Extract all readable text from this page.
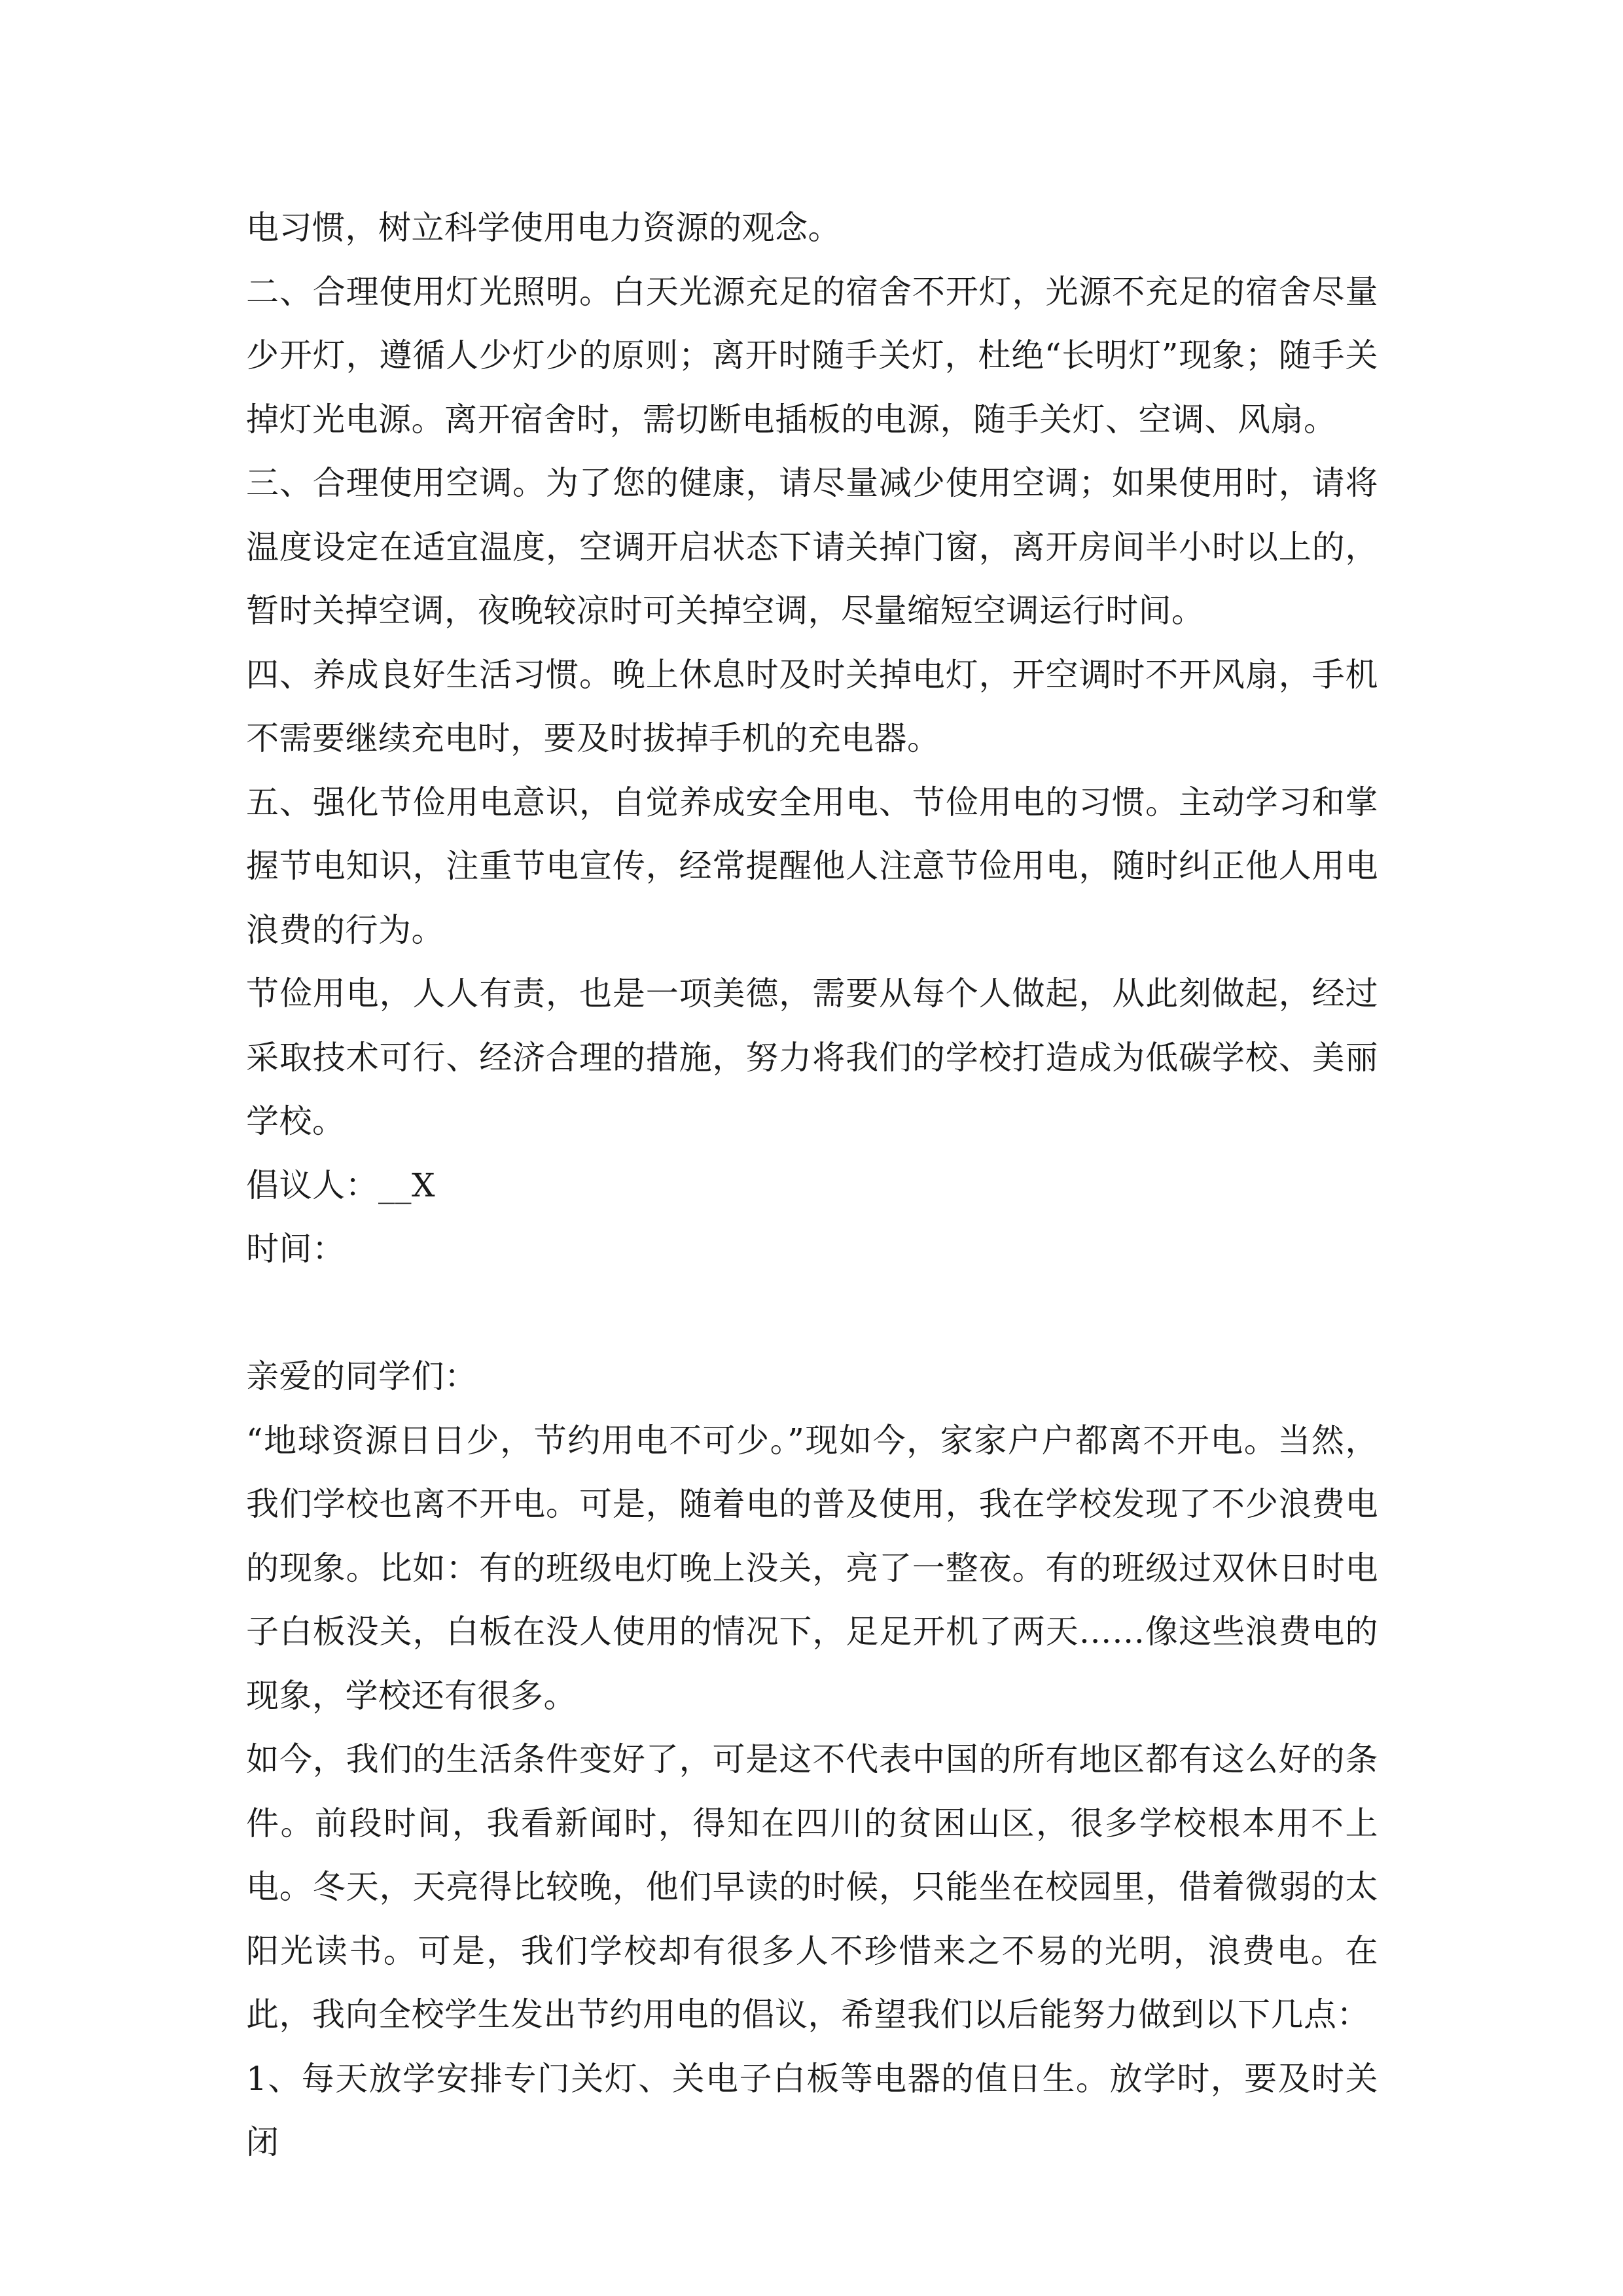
电习惯，树立科学使用电力资源的观念。

二、合理使用灯光照明。白天光源充足的宿舍不开灯，光源不充足的宿舍尽量少开灯，遵循人少灯少的原则；离开时随手关灯，杜绝“长明灯”现象；随手关掉灯光电源。离开宿舍时，需切断电插板的电源，随手关灯、空调、风扇。

三、合理使用空调。为了您的健康，请尽量减少使用空调；如果使用时，请将温度设定在适宜温度，空调开启状态下请关掉门窗，离开房间半小时以上的，暂时关掉空调，夜晚较凉时可关掉空调，尽量缩短空调运行时间。

四、养成良好生活习惯。晚上休息时及时关掉电灯，开空调时不开风扇，手机不需要继续充电时，要及时拔掉手机的充电器。

五、强化节俭用电意识，自觉养成安全用电、节俭用电的习惯。主动学习和掌握节电知识，注重节电宣传，经常提醒他人注意节俭用电，随时纠正他人用电浪费的行为。

节俭用电，人人有责，也是一项美德，需要从每个人做起，从此刻做起，经过采取技术可行、经济合理的措施，努力将我们的学校打造成为低碳学校、美丽学校。

倡议人：__X

时间：

亲爱的同学们：

“地球资源日日少，节约用电不可少。”现如今，家家户户都离不开电。当然，我们学校也离不开电。可是，随着电的普及使用，我在学校发现了不少浪费电的现象。比如：有的班级电灯晚上没关，亮了一整夜。有的班级过双休日时电子白板没关，白板在没人使用的情况下，足足开机了两天……像这些浪费电的现象，学校还有很多。

如今，我们的生活条件变好了，可是这不代表中国的所有地区都有这么好的条件。前段时间，我看新闻时，得知在四川的贫困山区，很多学校根本用不上电。冬天，天亮得比较晚，他们早读的时候，只能坐在校园里，借着微弱的太阳光读书。可是，我们学校却有很多人不珍惜来之不易的光明，浪费电。在此，我向全校学生发出节约用电的倡议，希望我们以后能努力做到以下几点：

1、每天放学安排专门关灯、关电子白板等电器的值日生。放学时，要及时关闭
